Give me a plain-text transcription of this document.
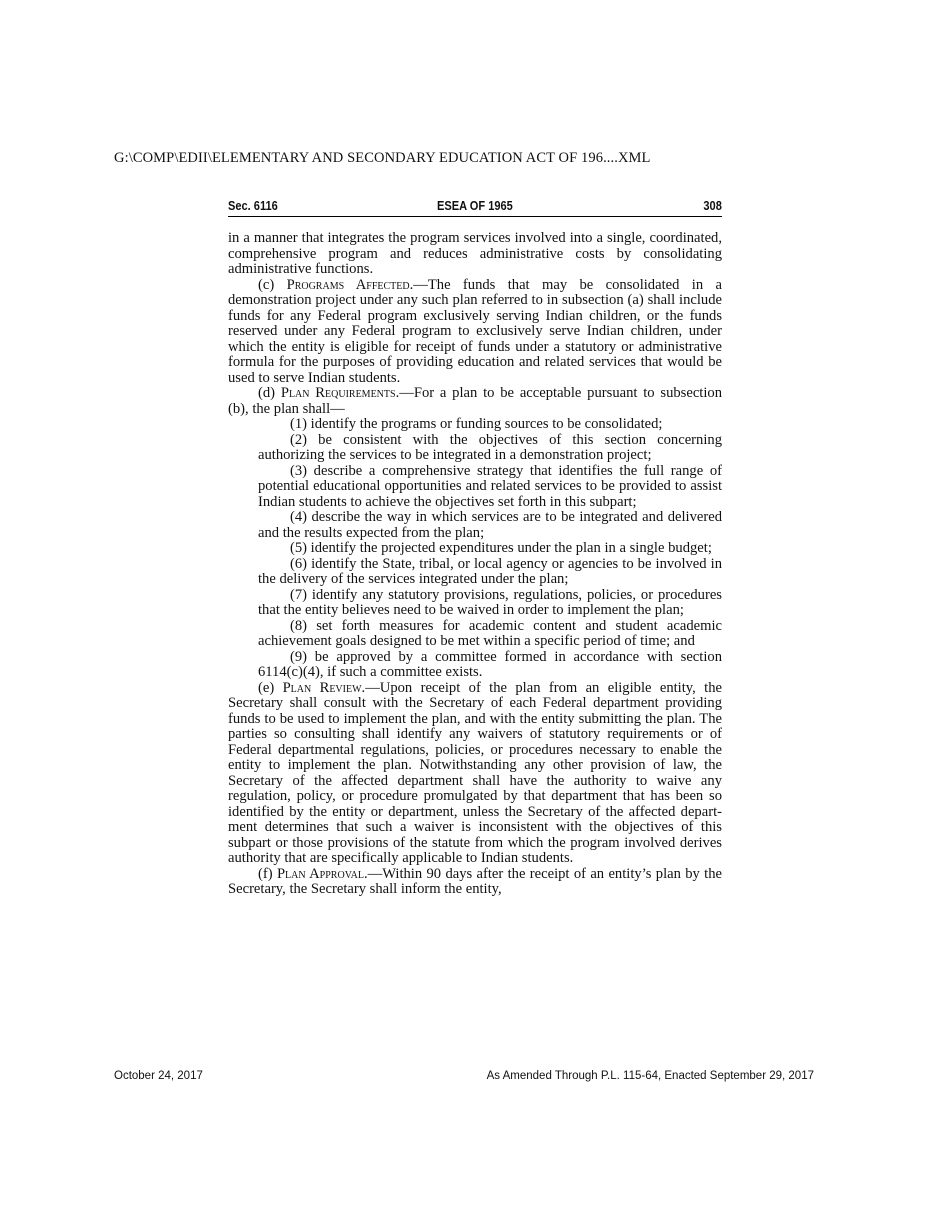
G:\COMP\EDII\ELEMENTARY AND SECONDARY EDUCATION ACT OF 196....XML
Sec. 6116	ESEA OF 1965	308

in a manner that integrates the program services involved into a single, coordinated, comprehensive program and reduces administrative costs by consolidating administrative functions.

(c) Programs Affected.—The funds that may be consolidated in a demonstration project under any such plan referred to in subsection (a) shall include funds for any Federal program exclusively serving Indian children, or the funds reserved under any Federal program to exclusively serve Indian children, under which the entity is eligible for receipt of funds under a statutory or administrative formula for the purposes of providing education and related services that would be used to serve Indian students.

(d) Plan Requirements.—For a plan to be acceptable pursuant to subsection (b), the plan shall—

(1) identify the programs or funding sources to be consolidated;

(2) be consistent with the objectives of this section concerning authorizing the services to be integrated in a demonstration project;

(3) describe a comprehensive strategy that identifies the full range of potential educational opportunities and related services to be provided to assist Indian students to achieve the objectives set forth in this subpart;

(4) describe the way in which services are to be integrated and delivered and the results expected from the plan;

(5) identify the projected expenditures under the plan in a single budget;

(6) identify the State, tribal, or local agency or agencies to be involved in the delivery of the services integrated under the plan;

(7) identify any statutory provisions, regulations, policies, or procedures that the entity believes need to be waived in order to implement the plan;

(8) set forth measures for academic content and student academic achievement goals designed to be met within a specific period of time; and

(9) be approved by a committee formed in accordance with section 6114(c)(4), if such a committee exists.

(e) Plan Review.—Upon receipt of the plan from an eligible entity, the Secretary shall consult with the Secretary of each Federal department providing funds to be used to implement the plan, and with the entity submitting the plan. The parties so consulting shall identify any waivers of statutory requirements or of Federal departmental regulations, policies, or procedures necessary to enable the entity to implement the plan. Notwithstanding any other provision of law, the Secretary of the affected department shall have the authority to waive any regulation, policy, or procedure promulgated by that department that has been so identified by the entity or department, unless the Secretary of the affected department determines that such a waiver is inconsistent with the objectives of this subpart or those provisions of the statute from which the program involved derives authority that are specifically applicable to Indian students.

(f) Plan Approval.—Within 90 days after the receipt of an entity’s plan by the Secretary, the Secretary shall inform the entity,

October 24, 2017	As Amended Through P.L. 115-64, Enacted September 29, 2017
